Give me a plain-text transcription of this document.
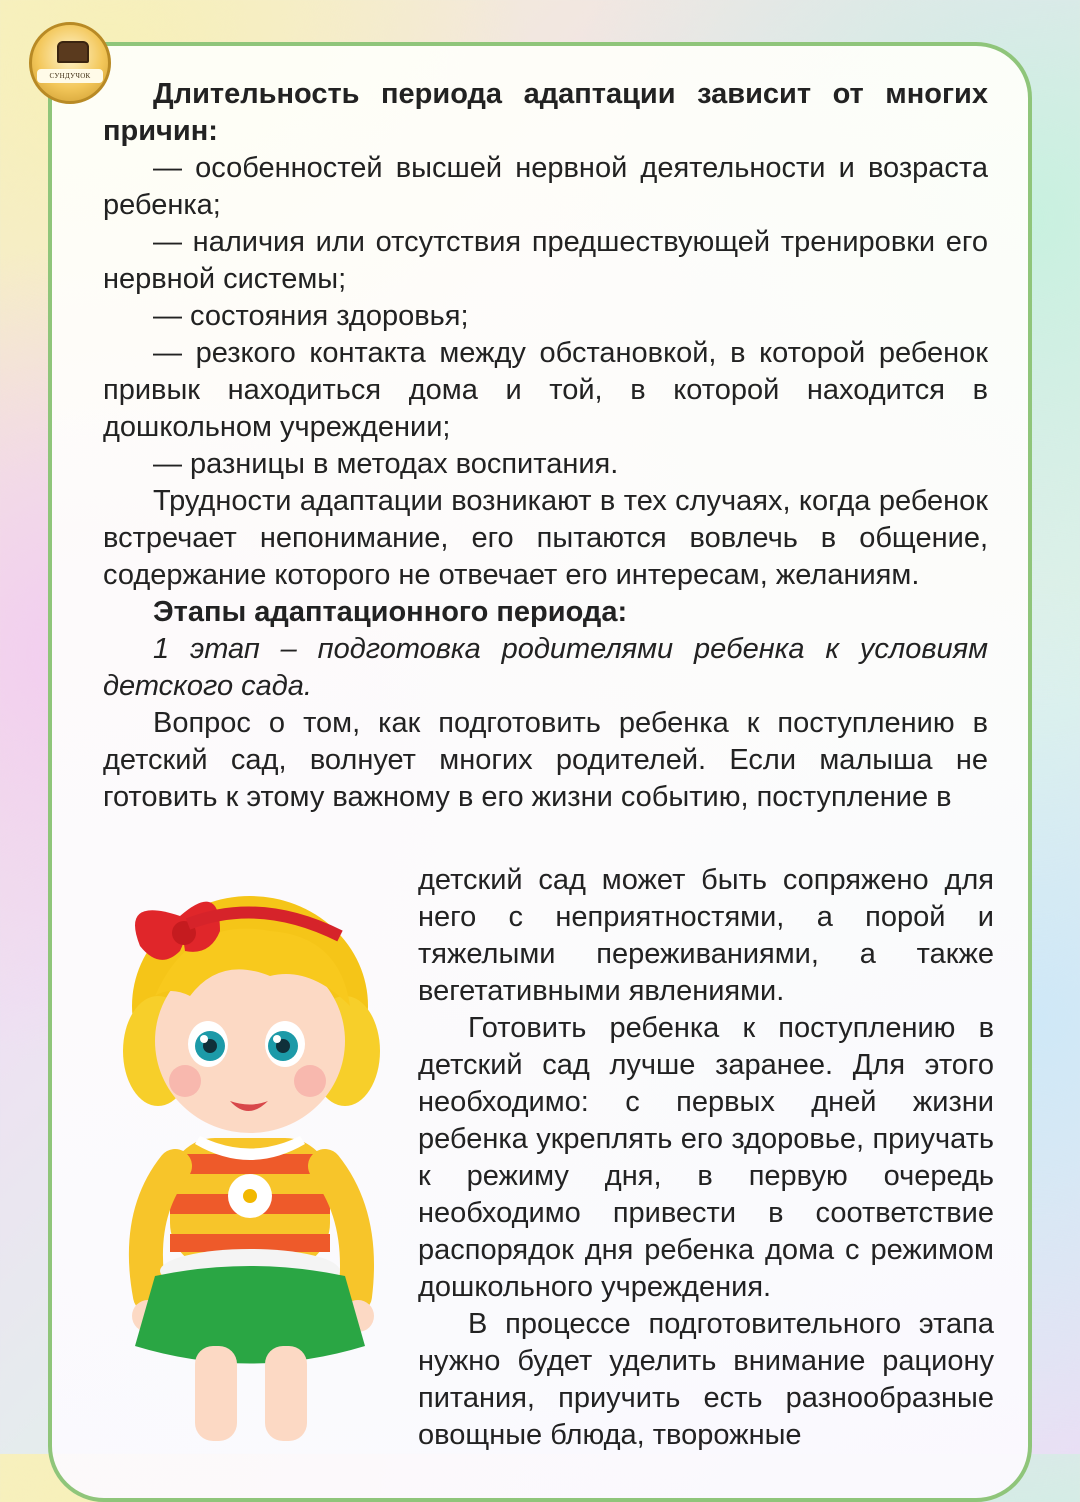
СУНДУЧОК

Длительность периода адаптации зависит от многих причин:

— особенностей высшей нервной деятельности и возраста ребенка;

— наличия или отсутствия предшествующей тренировки его нервной системы;

— состояния здоровья;

— резкого контакта между обстановкой, в которой ребенок привык находиться дома и той, в которой находится в дошкольном учреждении;

— разницы в методах воспитания.

Трудности адаптации возникают в тех случаях, когда ребенок встречает непонимание, его пытаются вовлечь в общение, содержание которого не отвечает его интересам, желаниям.

Этапы адаптационного периода:

1 этап – подготовка родителями ребенка к условиям детского сада.

Вопрос о том, как подготовить ребенка к поступлению в детский сад, волнует многих родителей. Если малыша не готовить к этому важному в его жизни событию, поступление в

детский сад может быть сопряжено для него с неприятностями, а порой и тяжелыми переживаниями, а также вегетативными явлениями.

Готовить ребенка к поступлению в детский сад лучше заранее. Для этого необходимо: с первых дней жизни ребенка укреплять его здоровье, приучать к режиму дня, в первую очередь необходимо привести в соответствие распорядок дня ребенка дома с режимом дошкольного учреждения.

В процессе подготовительного этапа нужно будет уделить внимание рациону питания, приучить есть разнообразные овощные блюда, творожные
